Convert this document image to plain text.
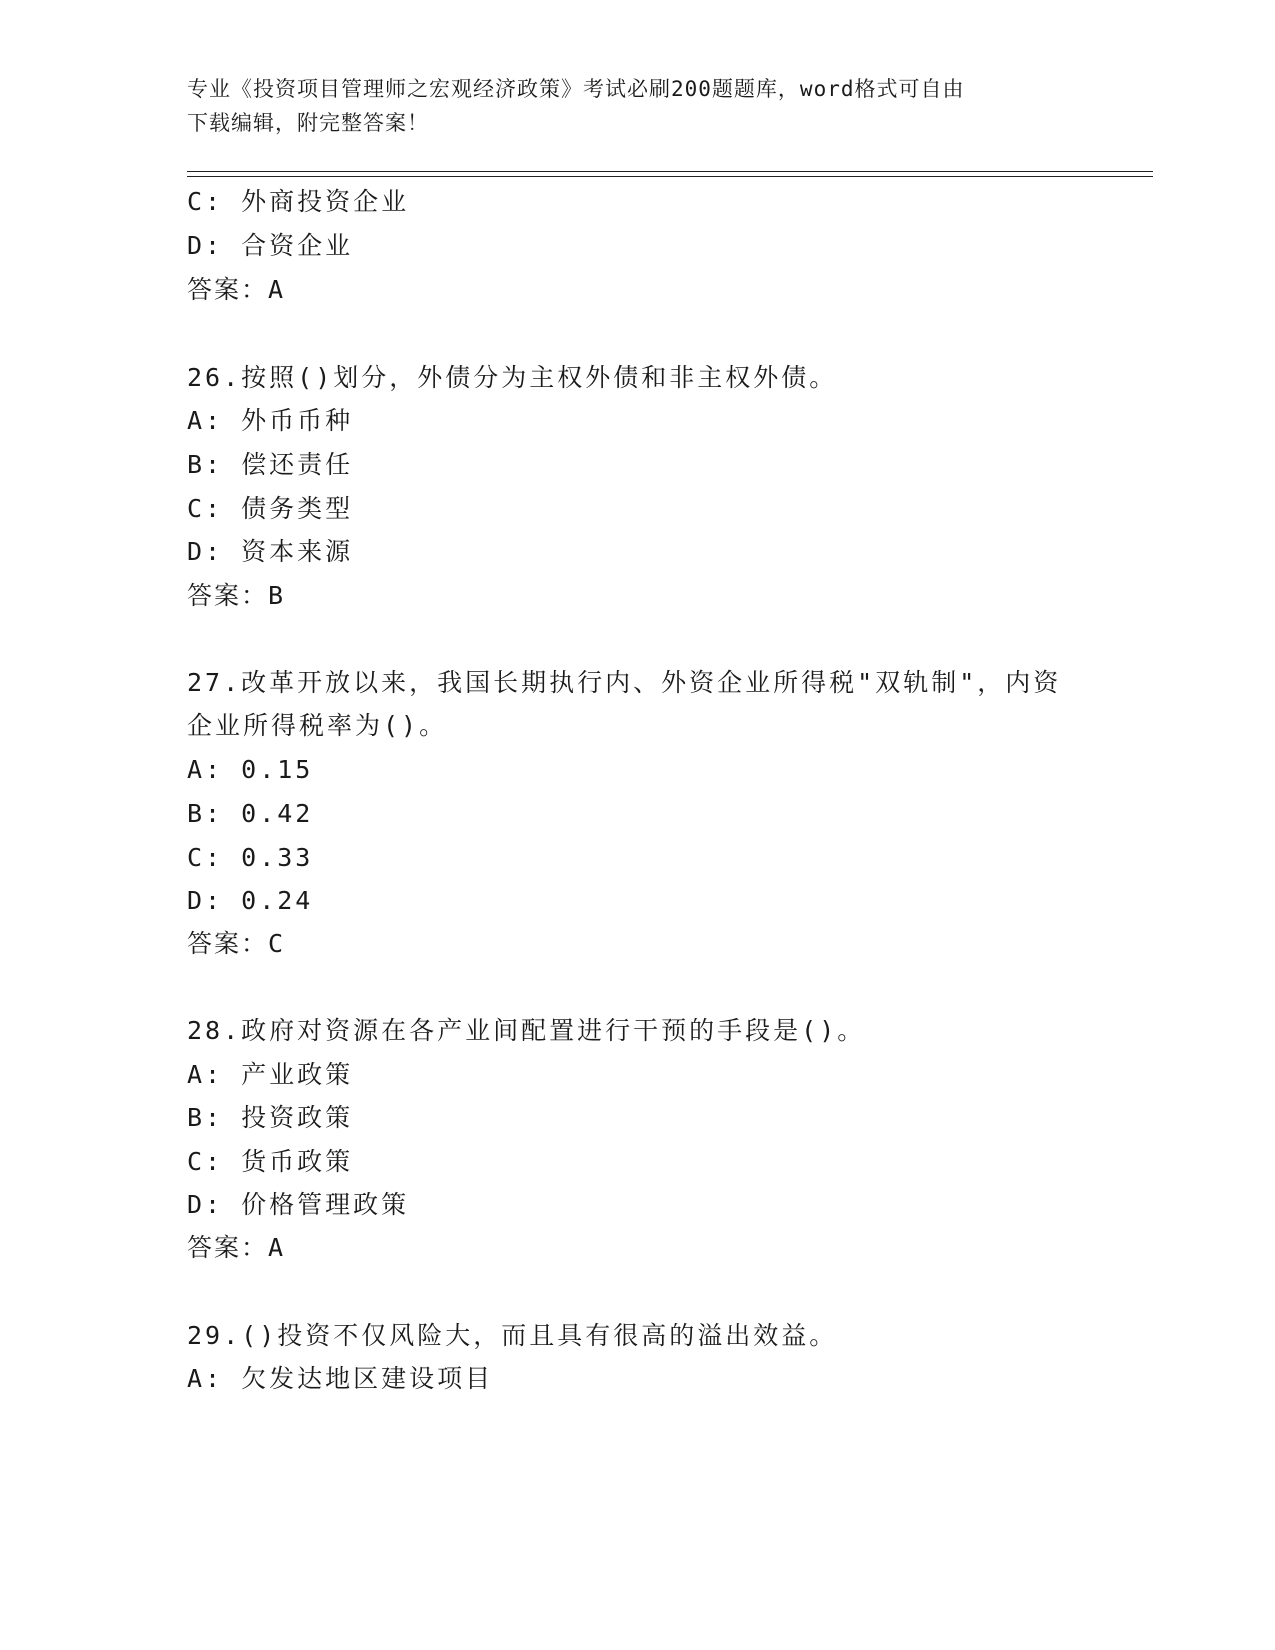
专业《投资项目管理师之宏观经济政策》考试必刷200题题库，word格式可自由
下载编辑，附完整答案！
C: 外商投资企业
D: 合资企业
答案：A
26.按照()划分，外债分为主权外债和非主权外债。
A: 外币币种
B: 偿还责任
C: 债务类型
D: 资本来源
答案：B
27.改革开放以来，我国长期执行内、外资企业所得税"双轨制"，内资
企业所得税率为()。
A: 0.15
B: 0.42
C: 0.33
D: 0.24
答案：C
28.政府对资源在各产业间配置进行干预的手段是()。
A: 产业政策
B: 投资政策
C: 货币政策
D: 价格管理政策
答案：A
29.()投资不仅风险大，而且具有很高的溢出效益。
A: 欠发达地区建设项目
